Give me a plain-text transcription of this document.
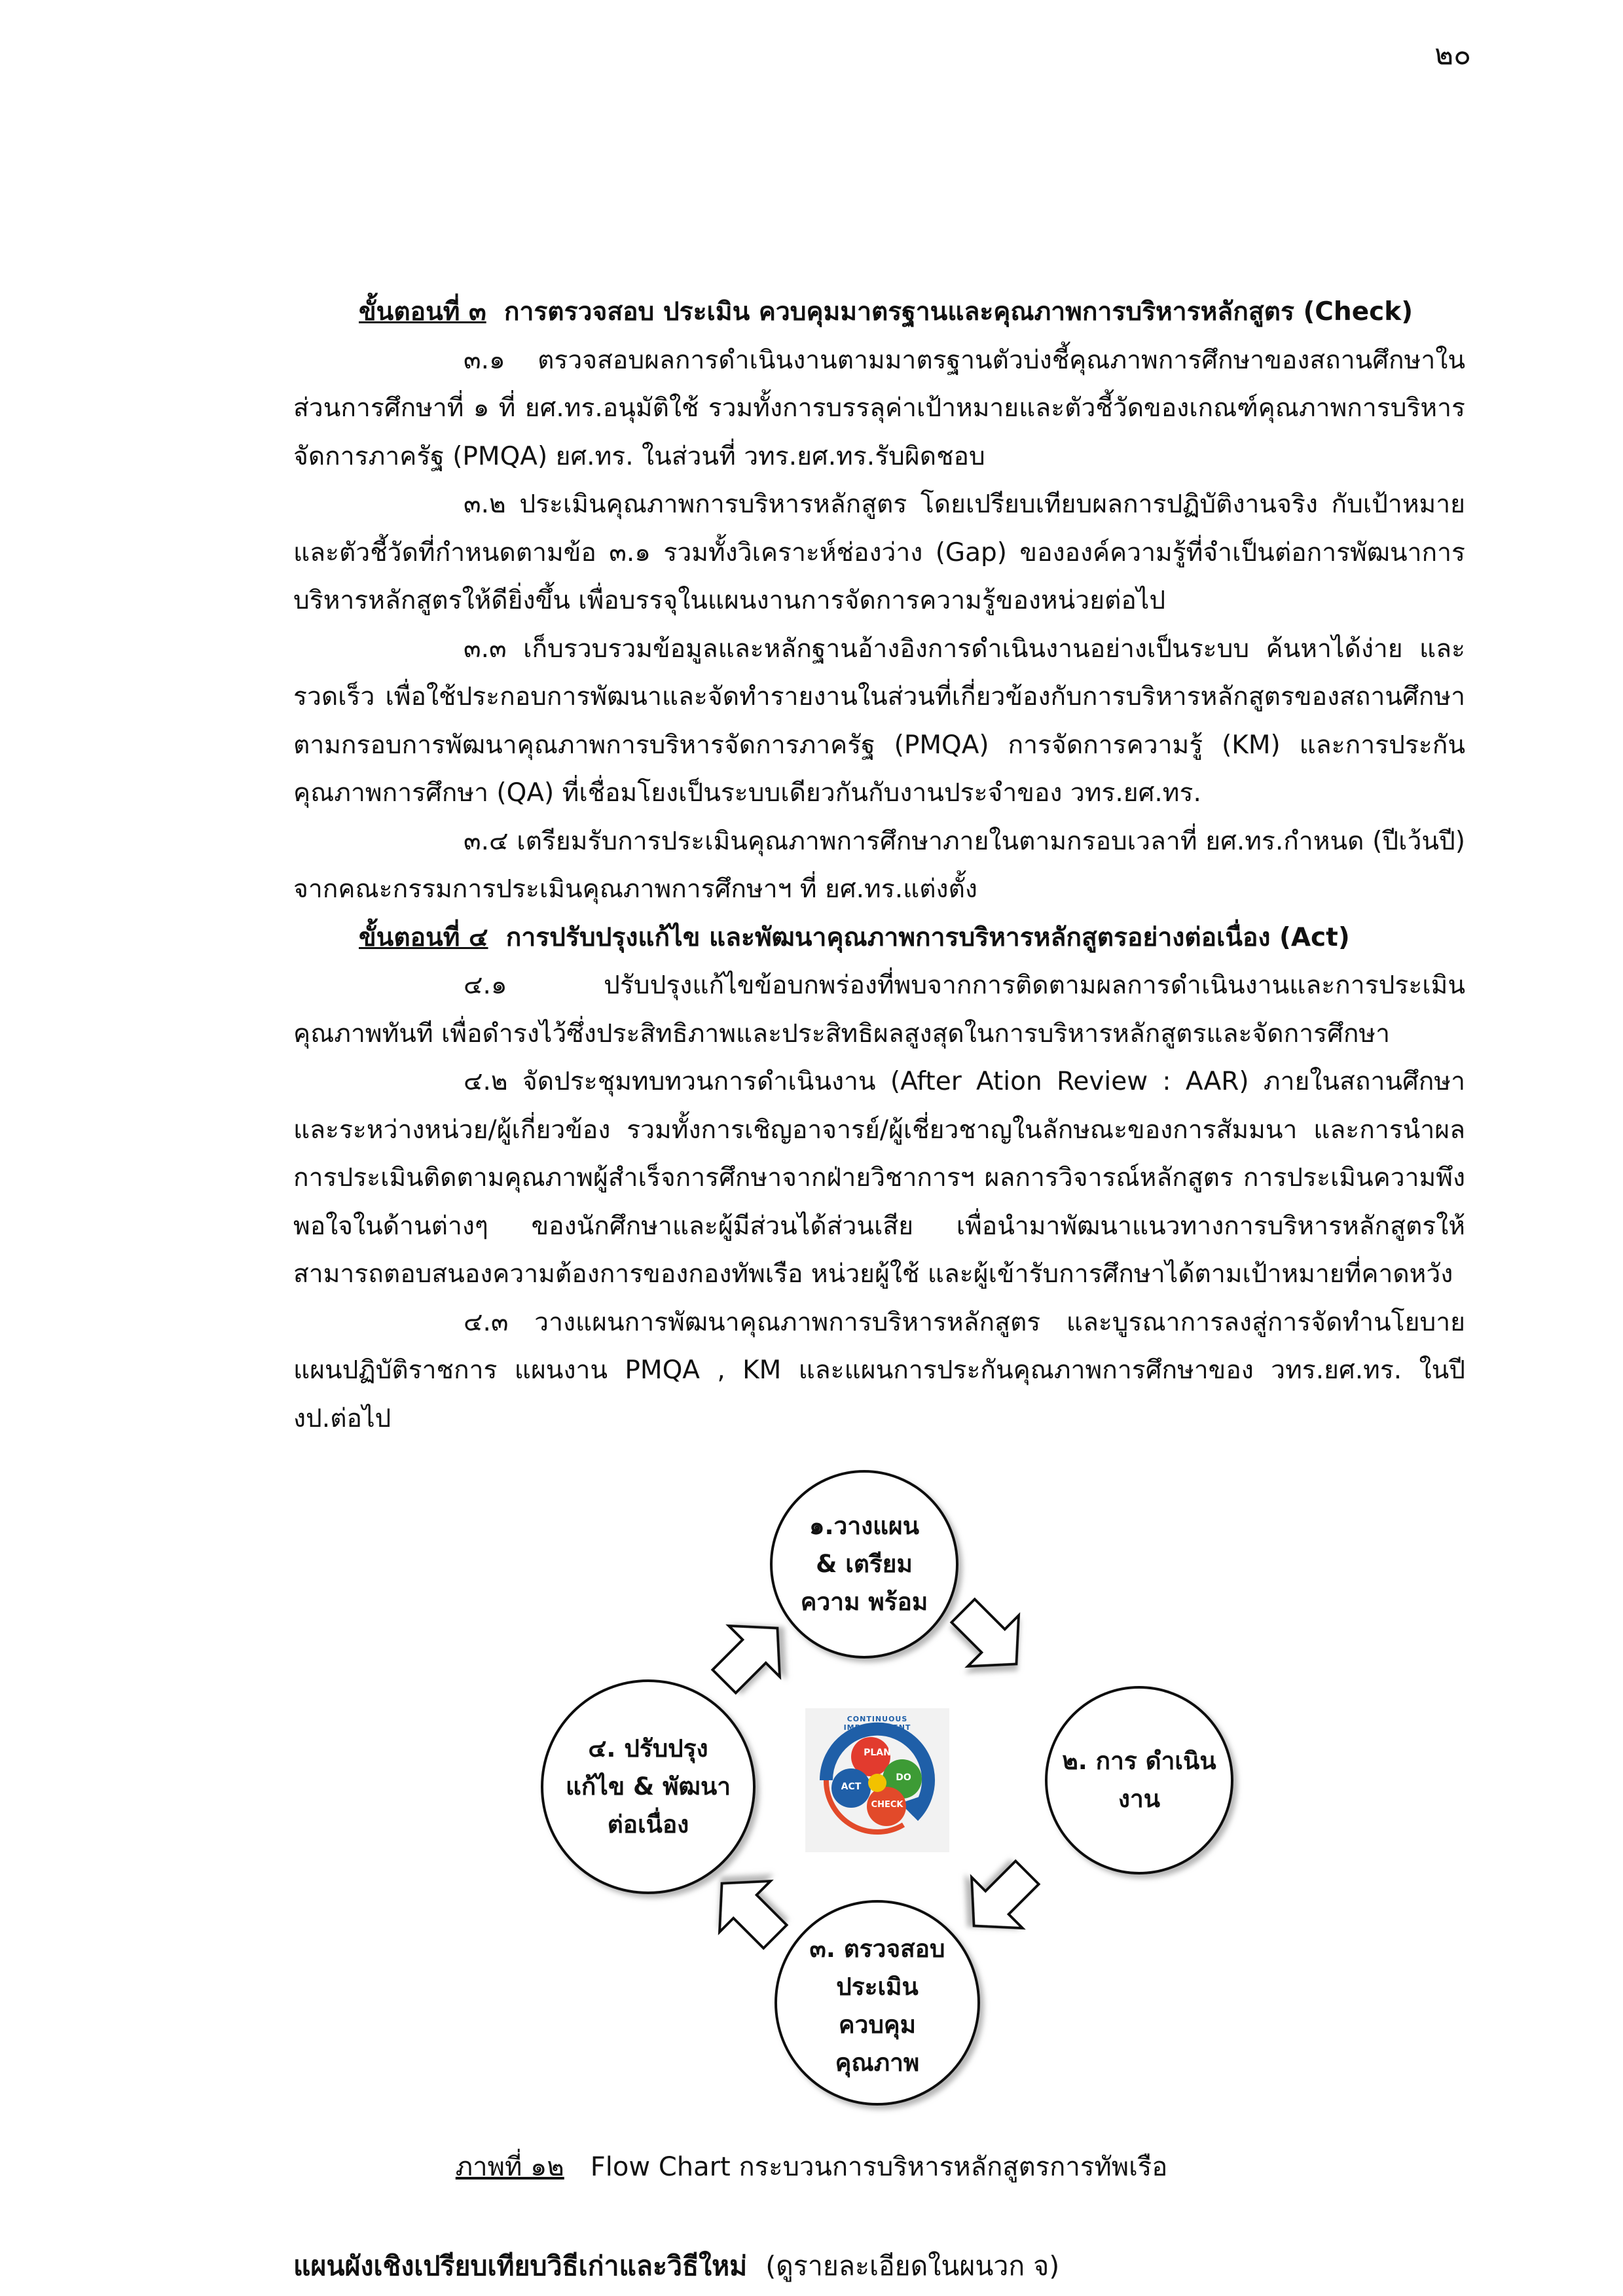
๒๐

ขั้นตอนที่ ๓ การตรวจสอบ ประเมิน ควบคุมมาตรฐานและคุณภาพการบริหารหลักสูตร (Check)

๓.๑ ตรวจสอบผลการดำเนินงานตามมาตรฐานตัวบ่งชี้คุณภาพการศึกษาของสถานศึกษาในส่วนการศึกษาที่ ๑ ที่ ยศ.ทร.อนุมัติใช้ รวมทั้งการบรรลุค่าเป้าหมายและตัวชี้วัดของเกณฑ์คุณภาพการบริหารจัดการภาครัฐ (PMQA) ยศ.ทร. ในส่วนที่ วทร.ยศ.ทร.รับผิดชอบ

๓.๒ ประเมินคุณภาพการบริหารหลักสูตร โดยเปรียบเทียบผลการปฏิบัติงานจริง กับเป้าหมายและตัวชี้วัดที่กำหนดตามข้อ ๓.๑ รวมทั้งวิเคราะห์ช่องว่าง (Gap) ขององค์ความรู้ที่จำเป็นต่อการพัฒนาการบริหารหลักสูตรให้ดียิ่งขึ้น เพื่อบรรจุในแผนงานการจัดการความรู้ของหน่วยต่อไป

๓.๓ เก็บรวบรวมข้อมูลและหลักฐานอ้างอิงการดำเนินงานอย่างเป็นระบบ ค้นหาได้ง่าย และรวดเร็ว เพื่อใช้ประกอบการพัฒนาและจัดทำรายงานในส่วนที่เกี่ยวข้องกับการบริหารหลักสูตรของสถานศึกษาตามกรอบการพัฒนาคุณภาพการบริหารจัดการภาครัฐ (PMQA) การจัดการความรู้ (KM) และการประกันคุณภาพการศึกษา (QA) ที่เชื่อมโยงเป็นระบบเดียวกันกับงานประจำของ วทร.ยศ.ทร.

๓.๔ เตรียมรับการประเมินคุณภาพการศึกษาภายในตามกรอบเวลาที่ ยศ.ทร.กำหนด (ปีเว้นปี) จากคณะกรรมการประเมินคุณภาพการศึกษาฯ ที่ ยศ.ทร.แต่งตั้ง

ขั้นตอนที่ ๔ การปรับปรุงแก้ไข และพัฒนาคุณภาพการบริหารหลักสูตรอย่างต่อเนื่อง (Act)

๔.๑	ปรับปรุงแก้ไขข้อบกพร่องที่พบจากการติดตามผลการดำเนินงานและการประเมินคุณภาพทันที เพื่อดำรงไว้ซึ่งประสิทธิภาพและประสิทธิผลสูงสุดในการบริหารหลักสูตรและจัดการศึกษา

๔.๒ จัดประชุมทบทวนการดำเนินงาน (After Ation Review : AAR) ภายในสถานศึกษาและระหว่างหน่วย/ผู้เกี่ยวข้อง รวมทั้งการเชิญอาจารย์/ผู้เชี่ยวชาญในลักษณะของการสัมมนา และการนำผลการประเมินติดตามคุณภาพผู้สำเร็จการศึกษาจากฝ่ายวิชาการฯ ผลการวิจารณ์หลักสูตร การประเมินความพึงพอใจในด้านต่างๆ ของนักศึกษาและผู้มีส่วนได้ส่วนเสีย เพื่อนำมาพัฒนาแนวทางการบริหารหลักสูตรให้สามารถตอบสนองความต้องการของกองทัพเรือ หน่วยผู้ใช้ และผู้เข้ารับการศึกษาได้ตามเป้าหมายที่คาดหวัง

๔.๓ วางแผนการพัฒนาคุณภาพการบริหารหลักสูตร และบูรณาการลงสู่การจัดทำนโยบาย แผนปฏิบัติราชการ แผนงาน PMQA , KM และแผนการประกันคุณภาพการศึกษาของ วทร.ยศ.ทร. ในปี งป.ต่อไป

๑.วางแผน & เตรียม ความ พร้อม
๒. การ ดำเนินงาน
๓. ตรวจสอบ ประเมิน ควบคุม คุณภาพ
๔. ปรับปรุงแก้ไข & พัฒนา ต่อเนื่อง
PLAN
DO
ACT
CHECK
CONTINUOUS IMPROVEMENT
ภาพที่ ๑๒ Flow Chart กระบวนการบริหารหลักสูตรการทัพเรือ
แผนผังเชิงเปรียบเทียบวิธีเก่าและวิธีใหม่ (ดูรายละเอียดในผนวก จ)
